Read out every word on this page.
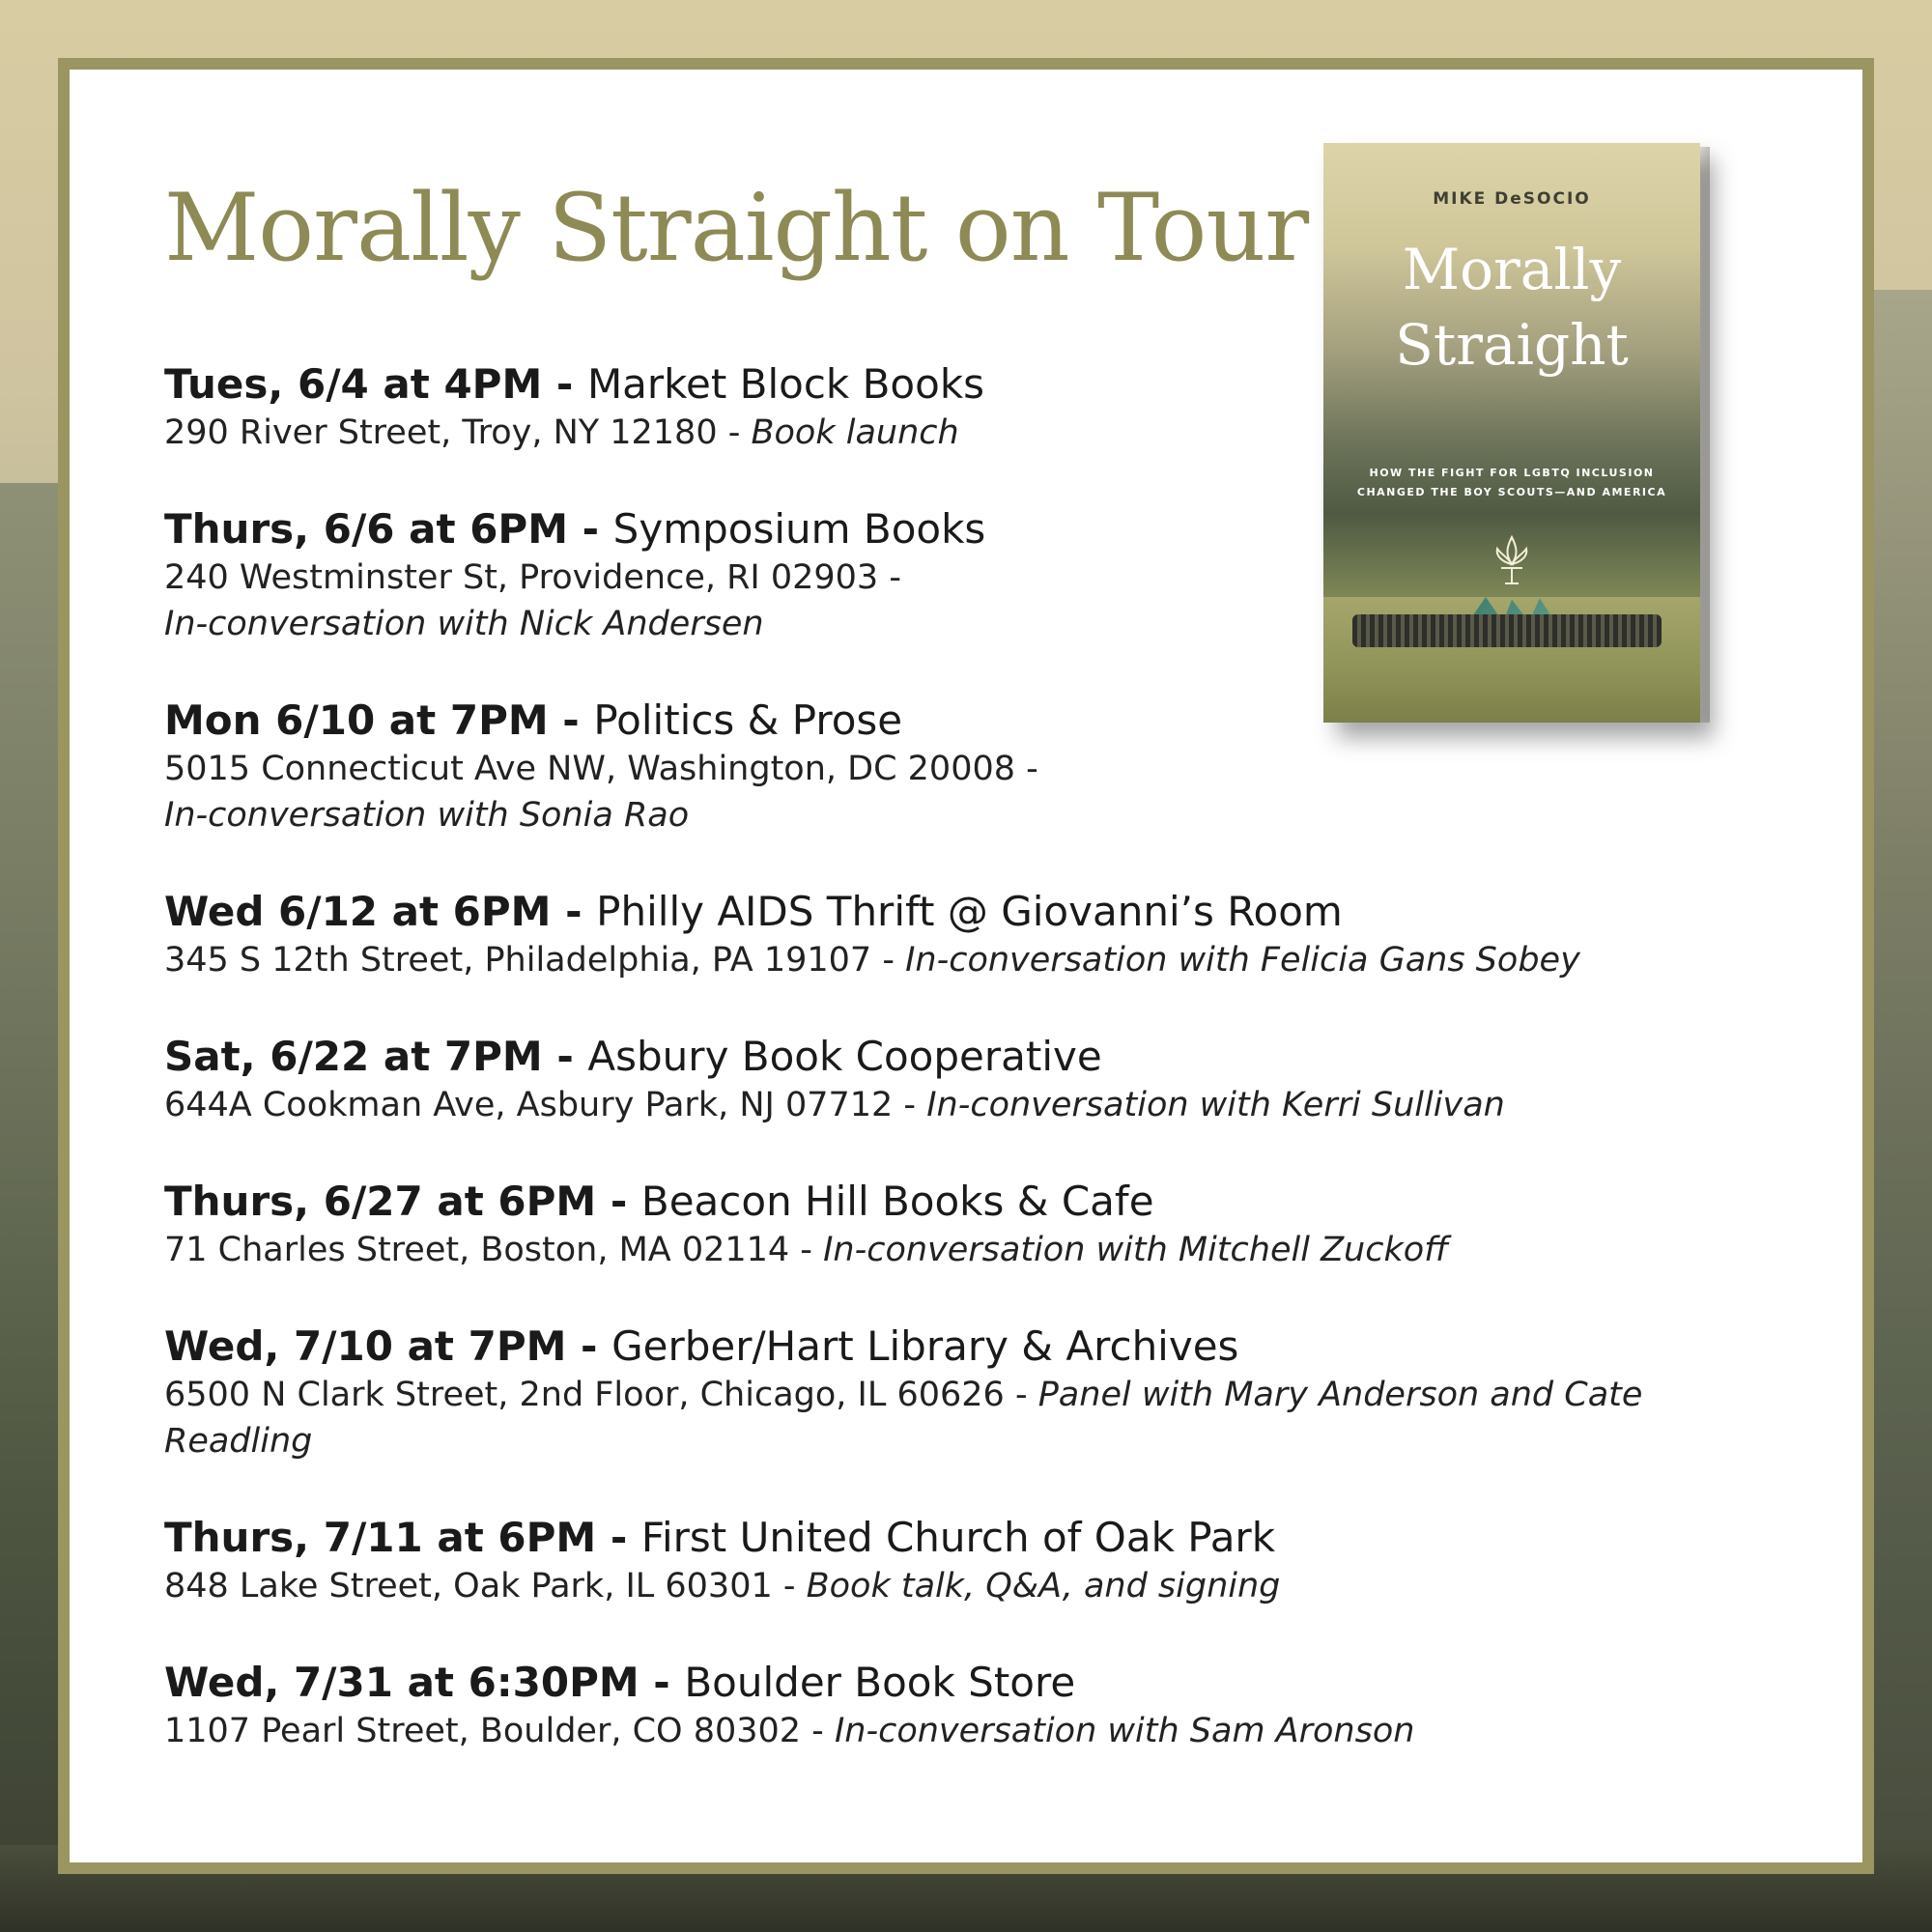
Morally Straight on Tour
Tues, 6/4 at 4PM - Market Block Books
290 River Street, Troy, NY 12180 - Book launch
Thurs, 6/6 at 6PM - Symposium Books
240 Westminster St, Providence, RI 02903 -
In-conversation with Nick Andersen
Mon 6/10 at 7PM - Politics & Prose
5015 Connecticut Ave NW, Washington, DC 20008 -
In-conversation with Sonia Rao
Wed 6/12 at 6PM - Philly AIDS Thrift @ Giovanni’s Room
345 S 12th Street, Philadelphia, PA 19107 - In-conversation with Felicia Gans Sobey
Sat, 6/22 at 7PM - Asbury Book Cooperative
644A Cookman Ave, Asbury Park, NJ 07712 - In-conversation with Kerri Sullivan
Thurs, 6/27 at 6PM - Beacon Hill Books & Cafe
71 Charles Street, Boston, MA 02114 - In-conversation with Mitchell Zuckoff
Wed, 7/10 at 7PM - Gerber/Hart Library & Archives
6500 N Clark Street, 2nd Floor, Chicago, IL 60626 - Panel with Mary Anderson and Cate Readling
Thurs, 7/11 at 6PM - First United Church of Oak Park
848 Lake Street, Oak Park, IL 60301 - Book talk, Q&A, and signing
Wed, 7/31 at 6:30PM - Boulder Book Store
1107 Pearl Street, Boulder, CO 80302 - In-conversation with Sam Aronson
MIKE DeSOCIO
Morally
Straight
HOW THE FIGHT FOR LGBTQ INCLUSION
CHANGED THE BOY SCOUTS—AND AMERICA
